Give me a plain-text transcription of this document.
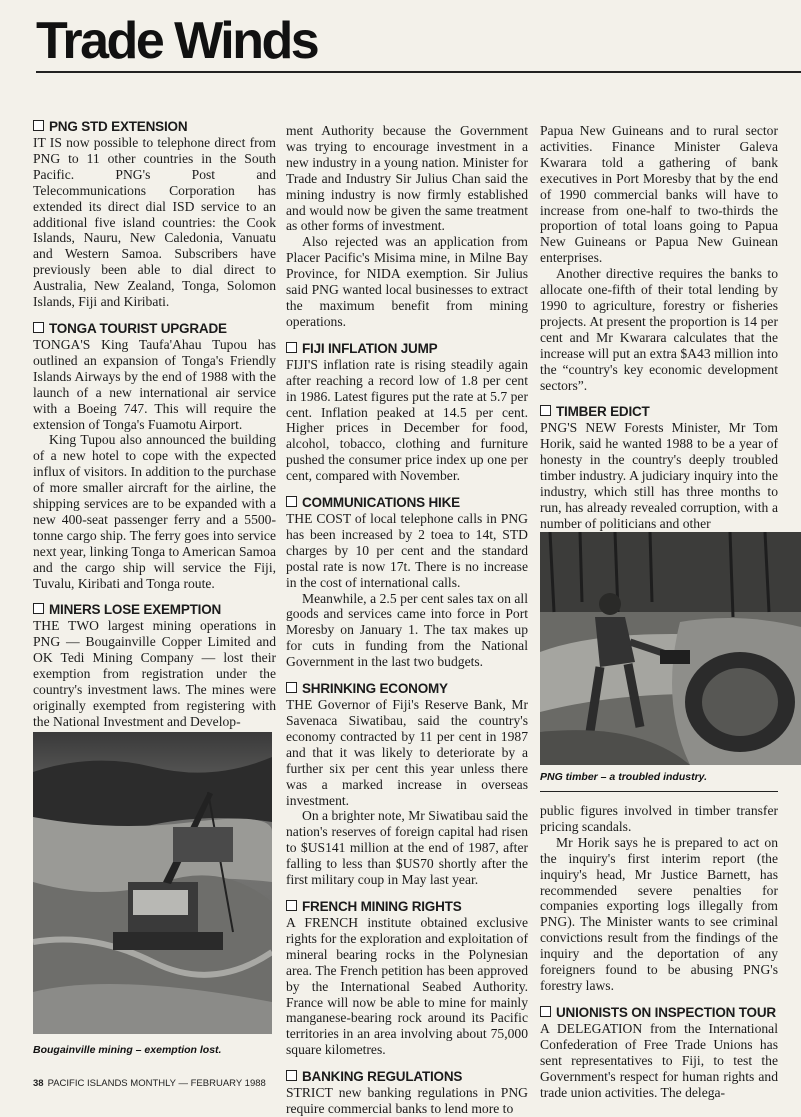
Trade Winds
PNG STD EXTENSION

IT IS now possible to telephone direct from PNG to 11 other countries in the South Pacific. PNG's Post and Telecommunications Corporation has extended its direct dial ISD service to an additional five island countries: the Cook Islands, Nauru, New Caledonia, Vanuatu and Western Samoa. Subscribers have previously been able to dial direct to Australia, New Zealand, Tonga, Solomon Islands, Fiji and Kiribati.

TONGA TOURIST UPGRADE

TONGA'S King Taufa'Ahau Tupou has outlined an expansion of Tonga's Friendly Islands Airways by the end of 1988 with the launch of a new international air service with a Boeing 747. This will require the extension of Tonga's Fuamotu Airport.

King Tupou also announced the building of a new hotel to cope with the expected influx of visitors. In addition to the purchase of more smaller aircraft for the airline, the shipping services are to be expanded with a new 400-seat passenger ferry and a 5500-tonne cargo ship. The ferry goes into service next year, linking Tonga to American Samoa and the cargo ship will service the Fiji, Tuvalu, Kiribati and Tonga route.

MINERS LOSE EXEMPTION

THE TWO largest mining operations in PNG — Bougainville Copper Limited and OK Tedi Mining Company — lost their exemption from registration under the country's investment laws. The mines were originally exempted from registering with the National Investment and Develop-

Bougainville mining – exemption lost.

ment Authority because the Government was trying to encourage investment in a new industry in a young nation. Minister for Trade and Industry Sir Julius Chan said the mining industry is now firmly established and would now be given the same treatment as other forms of investment.

Also rejected was an application from Placer Pacific's Misima mine, in Milne Bay Province, for NIDA exemption. Sir Julius said PNG wanted local businesses to extract the maximum benefit from mining operations.

FIJI INFLATION JUMP

FIJI'S inflation rate is rising steadily again after reaching a record low of 1.8 per cent in 1986. Latest figures put the rate at 5.7 per cent. Inflation peaked at 14.5 per cent. Higher prices in December for food, alcohol, tobacco, clothing and furniture pushed the consumer price index up one per cent, compared with November.

COMMUNICATIONS HIKE

THE COST of local telephone calls in PNG has been increased by 2 toea to 14t, STD charges by 10 per cent and the standard postal rate is now 17t. There is no increase in the cost of international calls.

Meanwhile, a 2.5 per cent sales tax on all goods and services came into force in Port Moresby on January 1. The tax makes up for cuts in funding from the National Government in the last two budgets.

SHRINKING ECONOMY

THE Governor of Fiji's Reserve Bank, Mr Savenaca Siwatibau, said the country's economy contracted by 11 per cent in 1987 and that it was likely to deteriorate by a further six per cent this year unless there was a marked increase in overseas investment.

On a brighter note, Mr Siwatibau said the nation's reserves of foreign capital had risen to $US141 million at the end of 1987, after falling to less than $US70 shortly after the first military coup in May last year.

FRENCH MINING RIGHTS

A FRENCH institute obtained exclusive rights for the exploration and exploitation of mineral bearing rocks in the Polynesian area. The French petition has been approved by the International Seabed Authority. France will now be able to mine for mainly manganese-bearing rock around its Pacific territories in an area involving about 75,000 square kilometres.

BANKING REGULATIONS

STRICT new banking regulations in PNG require commercial banks to lend more to

Papua New Guineans and to rural sector activities. Finance Minister Galeva Kwarara told a gathering of bank executives in Port Moresby that by the end of 1990 commercial banks will have to increase from one-half to two-thirds the proportion of total loans going to Papua New Guineans or Papua New Guinean enterprises.

Another directive requires the banks to allocate one-fifth of their total lending by 1990 to agriculture, forestry or fisheries projects. At present the proportion is 14 per cent and Mr Kwarara calculates that the increase will put an extra $A43 million into the “country's key economic development sectors”.

TIMBER EDICT

PNG'S NEW Forests Minister, Mr Tom Horik, said he wanted 1988 to be a year of honesty in the country's deeply troubled timber industry. A judiciary inquiry into the industry, which still has three months to run, has already revealed corruption, with a number of politicians and other

PNG timber – a troubled industry.

public figures involved in timber transfer pricing scandals.

Mr Horik says he is prepared to act on the inquiry's first interim report (the inquiry's head, Mr Justice Barnett, has recommended severe penalties for companies exporting logs illegally from PNG). The Minister wants to see criminal convictions result from the findings of the inquiry and the deportation of any foreigners found to be abusing PNG's forestry laws.

UNIONISTS ON INSPECTION TOUR

A DELEGATION from the International Confederation of Free Trade Unions has sent representatives to Fiji, to test the Government's respect for human rights and trade union activities. The delega-

38 PACIFIC ISLANDS MONTHLY — FEBRUARY 1988
